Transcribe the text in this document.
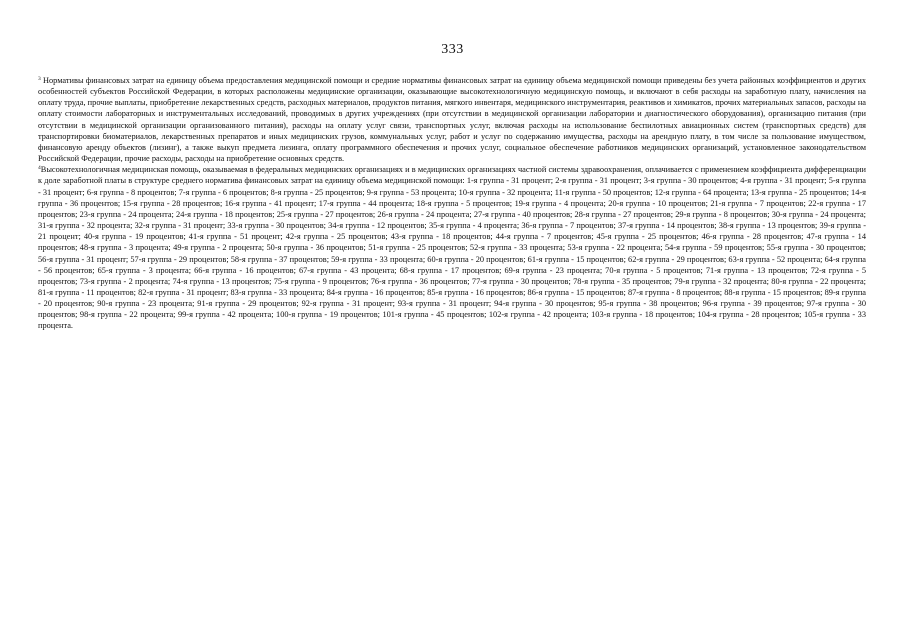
333

$^3$ Нормативы финансовых затрат на единицу объема предоставления медицинской помощи и средние нормативы финансовых затрат на единицу объема медицинской помощи приведены без учета районных коэффициентов и других особенностей субъектов Российской Федерации, в которых расположены медицинские организации, оказывающие высокотехнологичную медицинскую помощь, и включают в себя расходы на заработную плату, начисления на оплату труда, прочие выплаты, приобретение лекарственных средств, расходных материалов, продуктов питания, мягкого инвентаря, медицинского инструментария, реактивов и химикатов, прочих материальных запасов, расходы на оплату стоимости лабораторных и инструментальных исследований, проводимых в других учреждениях (при отсутствии в медицинской организации лаборатории и диагностического оборудования), организацию питания (при отсутствии в медицинской организации организованного питания), расходы на оплату услуг связи, транспортных услуг, включая расходы на использование беспилотных авиационных систем (транспортных средств) для транспортировки биоматериалов, лекарственных препаратов и иных медицинских грузов, коммунальных услуг, работ и услуг по содержанию имущества, расходы на арендную плату, в том числе за пользование имуществом, финансовую аренду объектов (лизинг), а также выкуп предмета лизинга, оплату программного обеспечения и прочих услуг, социальное обеспечение работников медицинских организаций, установленное законодательством Российской Федерации, прочие расходы, расходы на приобретение основных средств.

$^4$Высокотехнологичная медицинская помощь, оказываемая в федеральных медицинских организациях и в медицинских организациях частной системы здравоохранения, оплачивается с применением коэффициента дифференциации к доле заработной платы в структуре среднего норматива финансовых затрат на единицу объема медицинской помощи: 1-я группа - 31 процент; 2-я группа - 31 процент; 3-я группа - 30 процентов; 4-я группа - 31 процент; 5-я группа - 31 процент; 6-я группа - 8 процентов; 7-я группа - 6 процентов; 8-я группа - 25 процентов; 9-я группа - 53 процента; 10-я группа - 32 процента; 11-я группа - 50 процентов; 12-я группа - 64 процента; 13-я группа - 25 процентов; 14-я группа - 36 процентов; 15-я группа - 28 процентов; 16-я группа - 41 процент; 17-я группа - 44 процента; 18-я группа - 5 процентов; 19-я группа - 4 процента; 20-я группа - 10 процентов; 21-я группа - 7 процентов; 22-я группа - 17 процентов; 23-я группа - 24 процента; 24-я группа - 18 процентов; 25-я группа - 27 процентов; 26-я группа - 24 процента; 27-я группа - 40 процентов; 28-я группа - 27 процентов; 29-я группа - 8 процентов; 30-я группа - 24 процента; 31-я группа - 32 процента; 32-я группа - 31 процент; 33-я группа - 30 процентов; 34-я группа - 12 процентов; 35-я группа - 4 процента; 36-я группа - 7 процентов; 37-я группа - 14 процентов; 38-я группа - 13 процентов; 39-я группа - 21 процент; 40-я группа - 19 процентов; 41-я группа - 51 процент; 42-я группа - 25 процентов; 43-я группа - 18 процентов; 44-я группа - 7 процентов; 45-я группа - 25 процентов; 46-я группа - 28 процентов; 47-я группа - 14 процентов; 48-я группа - 3 процента; 49-я группа - 2 процента; 50-я группа - 36 процентов; 51-я группа - 25 процентов; 52-я группа - 33 процента; 53-я группа - 22 процента; 54-я группа - 59 процентов; 55-я группа - 30 процентов; 56-я группа - 31 процент; 57-я группа - 29 процентов; 58-я группа - 37 процентов; 59-я группа - 33 процента; 60-я группа - 20 процентов; 61-я группа - 15 процентов; 62-я группа - 29 процентов; 63-я группа - 52 процента; 64-я группа - 56 процентов; 65-я группа - 3 процента; 66-я группа - 16 процентов; 67-я группа - 43 процента; 68-я группа - 17 процентов; 69-я группа - 23 процента; 70-я группа - 5 процентов; 71-я группа - 13 процентов; 72-я группа - 5 процентов; 73-я группа - 2 процента; 74-я группа - 13 процентов; 75-я группа - 9 процентов; 76-я группа - 36 процентов; 77-я группа - 30 процентов; 78-я группа - 35 процентов; 79-я группа - 32 процента; 80-я группа - 22 процента; 81-я группа - 11 процентов; 82-я группа - 31 процент; 83-я группа - 33 процента; 84-я группа - 16 процентов; 85-я группа - 16 процентов; 86-я группа - 15 процентов; 87-я группа - 8 процентов; 88-я группа - 15 процентов; 89-я группа - 20 процентов; 90-я группа - 23 процента; 91-я группа - 29 процентов; 92-я группа - 31 процент; 93-я группа - 31 процент; 94-я группа - 30 процентов; 95-я группа - 38 процентов; 96-я группа - 39 процентов; 97-я группа - 30 процентов; 98-я группа - 22 процента; 99-я группа - 42 процента; 100-я группа - 19 процентов; 101-я группа - 45 процентов; 102-я группа - 42 процента; 103-я группа - 18 процентов; 104-я группа - 28 процентов; 105-я группа - 33 процента.
